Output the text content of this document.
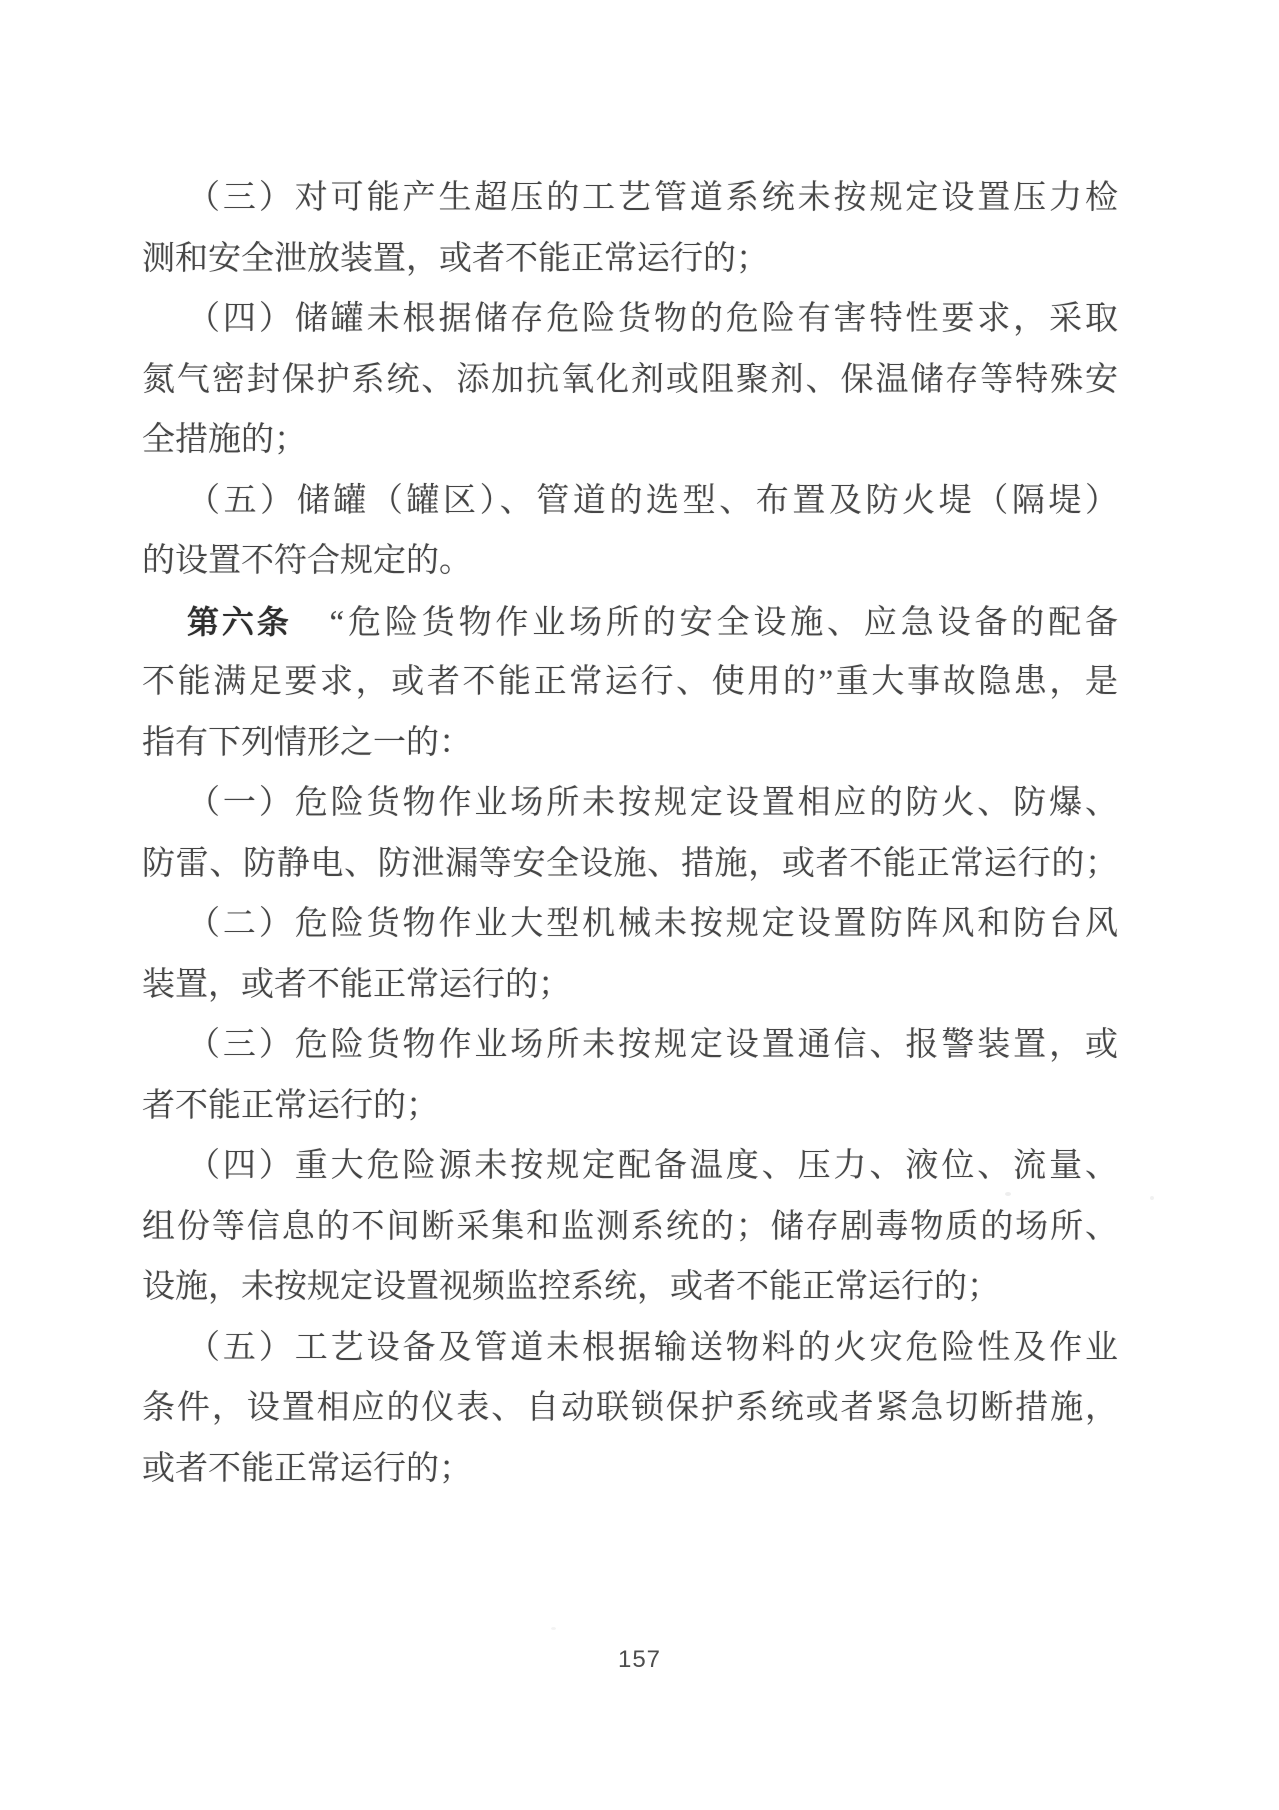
（三）对可能产生超压的工艺管道系统未按规定设置压力检
测和安全泄放装置，或者不能正常运行的；
（四）储罐未根据储存危险货物的危险有害特性要求，采取
氮气密封保护系统、添加抗氧化剂或阻聚剂、保温储存等特殊安
全措施的；
（五）储罐（罐区）、管道的选型、布置及防火堤（隔堤）
的设置不符合规定的。
第六条 “危险货物作业场所的安全设施、应急设备的配备
不能满足要求，或者不能正常运行、使用的”重大事故隐患，是
指有下列情形之一的：
（一）危险货物作业场所未按规定设置相应的防火、防爆、
防雷、防静电、防泄漏等安全设施、措施，或者不能正常运行的；
（二）危险货物作业大型机械未按规定设置防阵风和防台风
装置，或者不能正常运行的；
（三）危险货物作业场所未按规定设置通信、报警装置，或
者不能正常运行的；
（四）重大危险源未按规定配备温度、压力、液位、流量、
组份等信息的不间断采集和监测系统的；储存剧毒物质的场所、
设施，未按规定设置视频监控系统，或者不能正常运行的；
（五）工艺设备及管道未根据输送物料的火灾危险性及作业
条件，设置相应的仪表、自动联锁保护系统或者紧急切断措施，
或者不能正常运行的；
157
